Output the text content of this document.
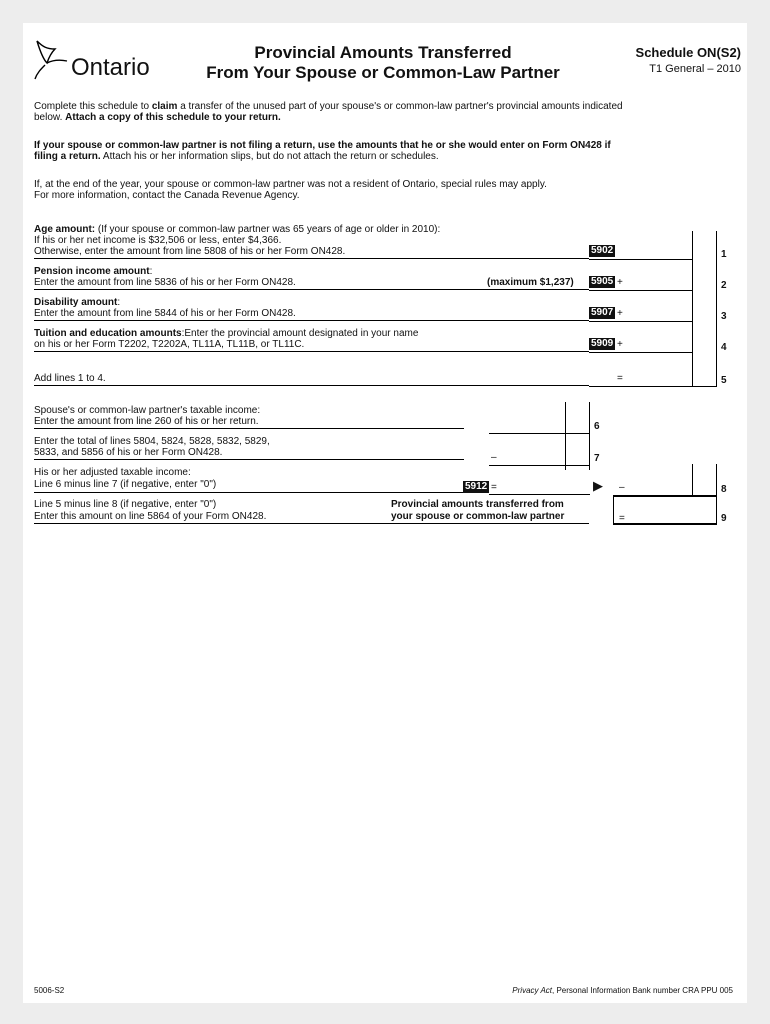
Ontario
Provincial Amounts Transferred
From Your Spouse or Common-Law Partner
Schedule ON(S2)
T1 General – 2010
Complete this schedule to claim a transfer of the unused part of your spouse's or common-law partner's provincial amounts indicated
below. Attach a copy of this schedule to your return.
If your spouse or common-law partner is not filing a return, use the amounts that he or she would enter on Form ON428 if
filing a return. Attach his or her information slips, but do not attach the return or schedules.
If, at the end of the year, your spouse or common-law partner was not a resident of Ontario, special rules may apply.
For more information, contact the Canada Revenue Agency.
Age amount: (If your spouse or common-law partner was 65 years of age or older in 2010):
If his or her net income is $32,506 or less, enter $4,366.
Otherwise, enter the amount from line 5808 of his or her Form ON428.	5902	1
Pension income amount:
Enter the amount from line 5836 of his or her Form ON428.	(maximum $1,237) 5905 +	2
Disability amount:
Enter the amount from line 5844 of his or her Form ON428.	5907 +	3
Tuition and education amounts:Enter the provincial amount designated in your name
on his or her Form T2202, T2202A, TL11A, TL11B, or TL11C.	5909 +	4
Add lines 1 to 4.	=	5
Spouse's or common-law partner's taxable income:
Enter the amount from line 260 of his or her return.	6
Enter the total of lines 5804, 5824, 5828, 5832, 5829,
5833, and 5856 of his or her Form ON428.	–	7
His or her adjusted taxable income:
Line 6 minus line 7 (if negative, enter "0")	5912 =	▶ –	8
Line 5 minus line 8 (if negative, enter "0")
Enter this amount on line 5864 of your Form ON428.
Provincial amounts transferred from
your spouse or common-law partner	=	9
5006-S2	Privacy Act, Personal Information Bank number CRA PPU 005
